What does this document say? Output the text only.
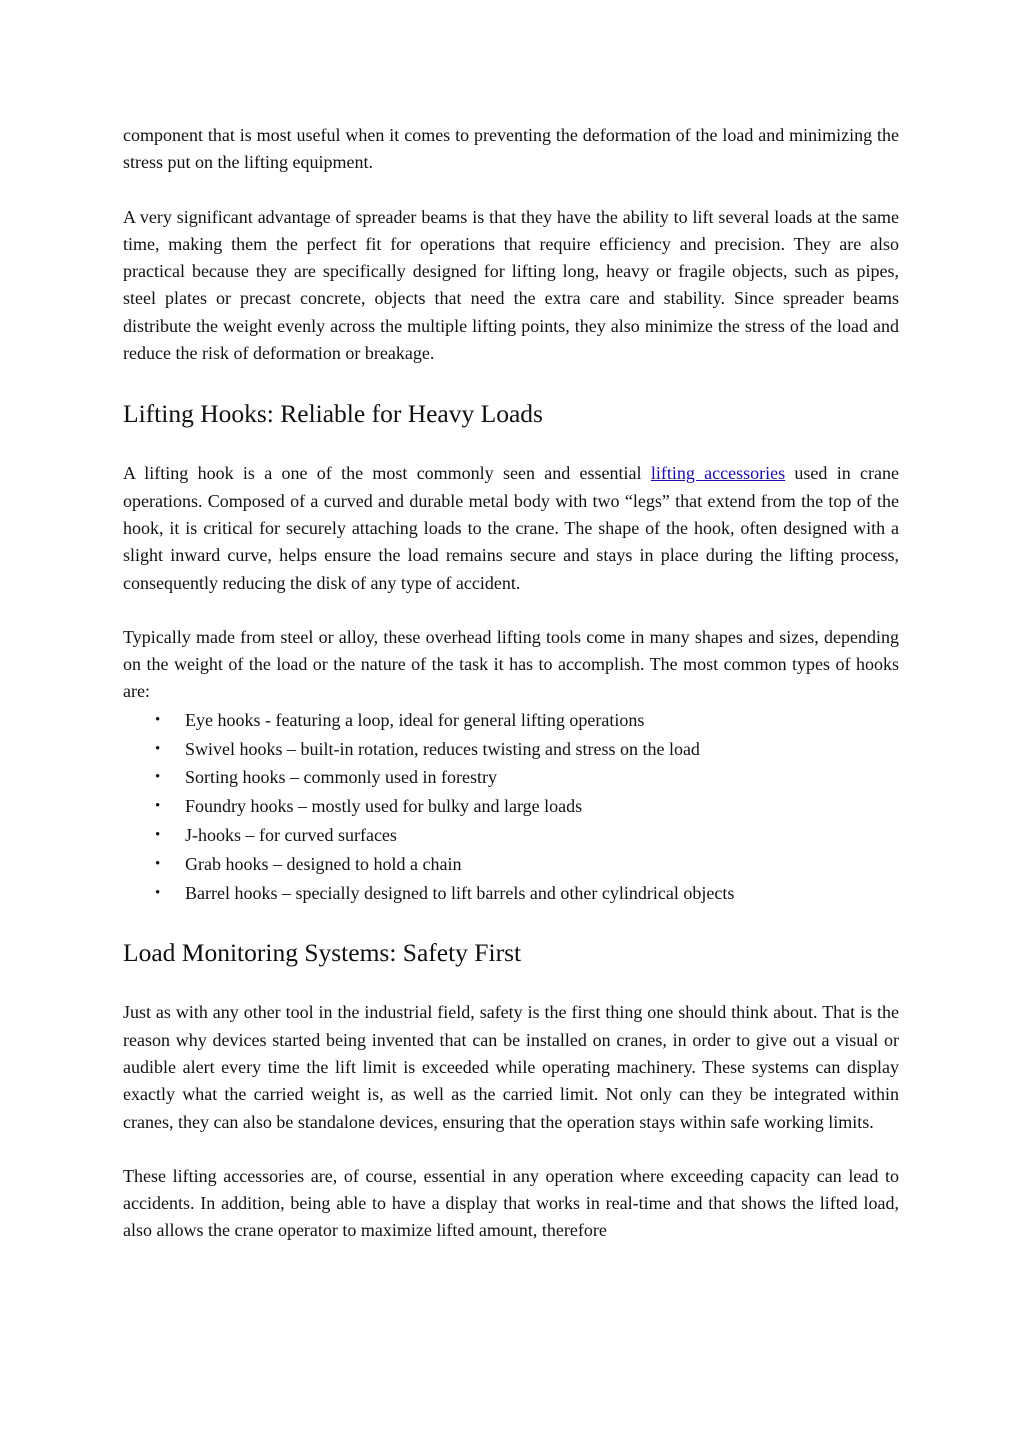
component that is most useful when it comes to preventing the deformation of the load and minimizing the stress put on the lifting equipment.

A very significant advantage of spreader beams is that they have the ability to lift several loads at the same time, making them the perfect fit for operations that require efficiency and precision. They are also practical because they are specifically designed for lifting long, heavy or fragile objects, such as pipes, steel plates or precast concrete, objects that need the extra care and stability. Since spreader beams distribute the weight evenly across the multiple lifting points, they also minimize the stress of the load and reduce the risk of deformation or breakage.

Lifting Hooks: Reliable for Heavy Loads

A lifting hook is a one of the most commonly seen and essential lifting accessories used in crane operations. Composed of a curved and durable metal body with two “legs” that extend from the top of the hook, it is critical for securely attaching loads to the crane. The shape of the hook, often designed with a slight inward curve, helps ensure the load remains secure and stays in place during the lifting process, consequently reducing the disk of any type of accident.

Typically made from steel or alloy, these overhead lifting tools come in many shapes and sizes, depending on the weight of the load or the nature of the task it has to accomplish. The most common types of hooks are:

• Eye hooks - featuring a loop, ideal for general lifting operations
• Swivel hooks – built-in rotation, reduces twisting and stress on the load
• Sorting hooks – commonly used in forestry
• Foundry hooks – mostly used for bulky and large loads
• J-hooks – for curved surfaces
• Grab hooks – designed to hold a chain
• Barrel hooks – specially designed to lift barrels and other cylindrical objects
Load Monitoring Systems: Safety First

Just as with any other tool in the industrial field, safety is the first thing one should think about. That is the reason why devices started being invented that can be installed on cranes, in order to give out a visual or audible alert every time the lift limit is exceeded while operating machinery. These systems can display exactly what the carried weight is, as well as the carried limit. Not only can they be integrated within cranes, they can also be standalone devices, ensuring that the operation stays within safe working limits.

These lifting accessories are, of course, essential in any operation where exceeding capacity can lead to accidents. In addition, being able to have a display that works in real-time and that shows the lifted load, also allows the crane operator to maximize lifted amount, therefore
